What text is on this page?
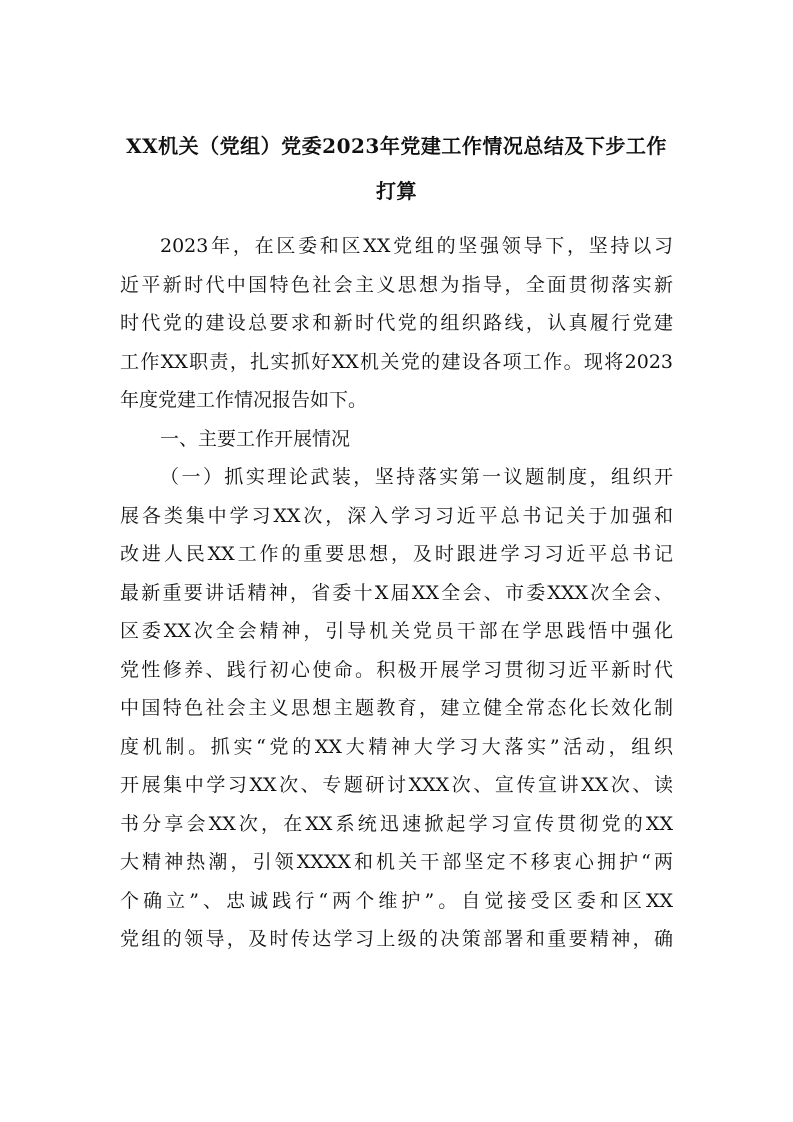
XX机关（党组）党委2023年党建工作情况总结及下步工作
打算
2023年，在区委和区XX党组的坚强领导下，坚持以习
近平新时代中国特色社会主义思想为指导，全面贯彻落实新
时代党的建设总要求和新时代党的组织路线，认真履行党建
工作XX职责，扎实抓好XX机关党的建设各项工作。现将2023
年度党建工作情况报告如下。
一、主要工作开展情况
（一）抓实理论武装，坚持落实第一议题制度，组织开
展各类集中学习XX次，深入学习习近平总书记关于加强和
改进人民XX工作的重要思想，及时跟进学习习近平总书记
最新重要讲话精神，省委十X届XX全会、市委XXX次全会、
区委XX次全会精神，引导机关党员干部在学思践悟中强化
党性修养、践行初心使命。积极开展学习贯彻习近平新时代
中国特色社会主义思想主题教育，建立健全常态化长效化制
度机制。抓实“党的XX大精神大学习大落实”活动，组织
开展集中学习XX次、专题研讨XXX次、宣传宣讲XX次、读
书分享会XX次，在XX系统迅速掀起学习宣传贯彻党的XX
大精神热潮，引领XXXX和机关干部坚定不移衷心拥护“两
个确立”、忠诚践行“两个维护”。自觉接受区委和区XX
党组的领导，及时传达学习上级的决策部署和重要精神，确
